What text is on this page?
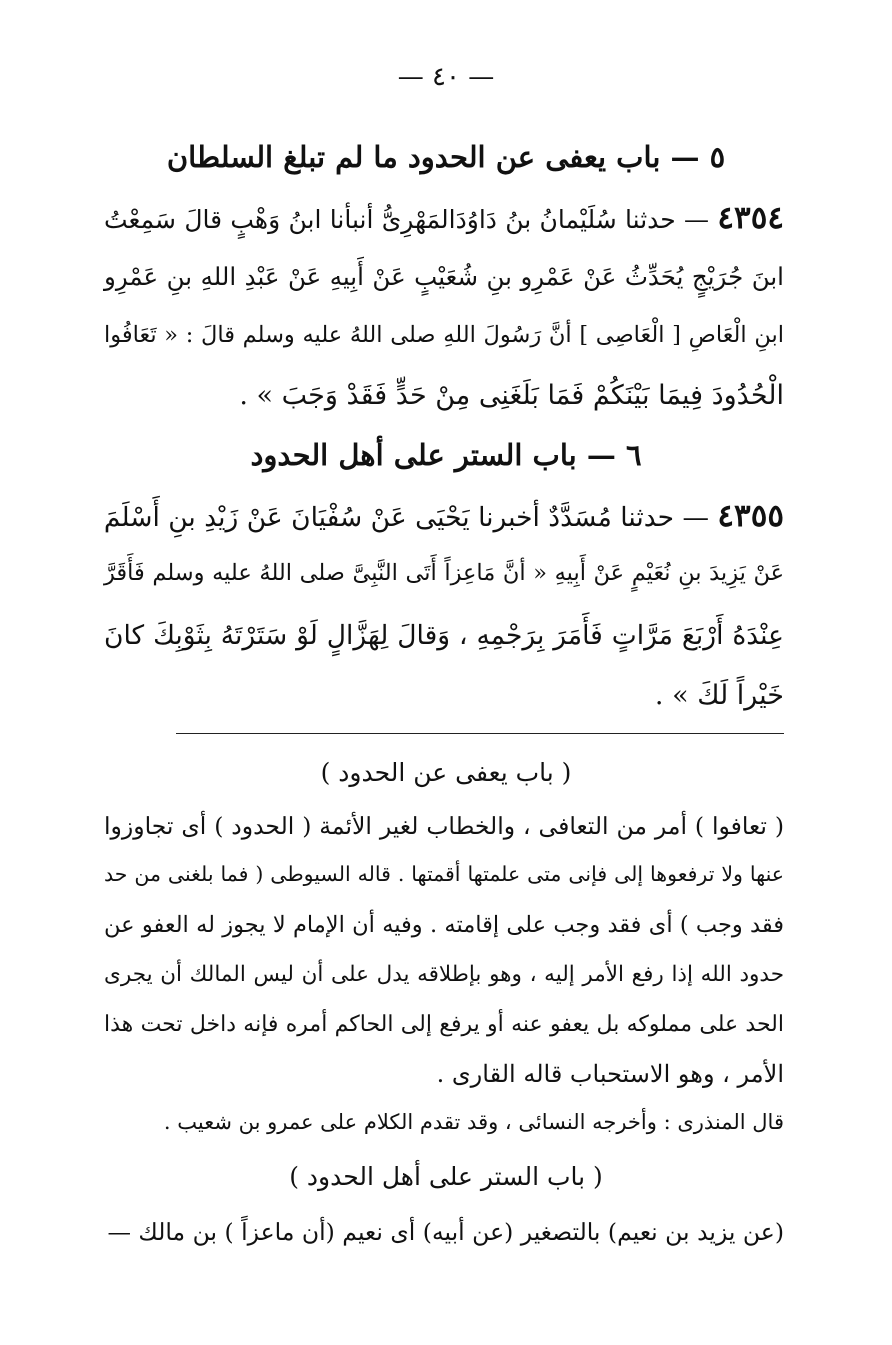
— ٤٠ —
٥ — باب يعفى عن الحدود ما لم تبلغ السلطان
٤٣٥٤ — حدثنا سُلَيْمانُ بنُ دَاوُدَالمَهْرِىُّ أنبأنا ابنُ وَهْبٍ قالَ سَمِعْتُ
ابنَ جُرَيْجٍ يُحَدِّثُ عَنْ عَمْرِو بنِ شُعَيْبٍ عَنْ أَبِيهِ عَنْ عَبْدِ اللهِ بنِ عَمْرِو
ابنِ الْعَاصِ [ الْعَاصِى ] أنَّ رَسُولَ اللهِ صلى اللهُ عليه وسلم قالَ : « تَعَافُوا
الْحُدُودَ فِيمَا بَيْنَكُمْ فَمَا بَلَغَنِى مِنْ حَدٍّ فَقَدْ وَجَبَ » .
٦ — باب الستر على أهل الحدود
٤٣٥٥ — حدثنا مُسَدَّدٌ أخبرنا يَحْيَى عَنْ سُفْيَانَ عَنْ زَيْدِ بنِ أَسْلَمَ
عَنْ يَزِيدَ بنِ نُعَيْمٍ عَنْ أَبِيهِ « أنَّ مَاعِزاً أَتَى النَّبِىَّ صلى اللهُ عليه وسلم فَأَقَرَّ
عِنْدَهُ أَرْبَعَ مَرَّاتٍ فَأَمَرَ بِرَجْمِهِ ، وَقالَ لِهَزَّالٍ لَوْ سَتَرْتَهُ بِثَوْبِكَ كانَ
خَيْراً لَكَ » .
( باب يعفى عن الحدود )
( تعافوا ) أمر من التعافى ، والخطاب لغير الأئمة ( الحدود ) أى تجاوزوا
عنها ولا ترفعوها إلى فإنى متى علمتها أقمتها . قاله السيوطى ( فما بلغنى من حد
فقد وجب ) أى فقد وجب على إقامته . وفيه أن الإمام لا يجوز له العفو عن
حدود الله إذا رفع الأمر إليه ، وهو بإطلاقه يدل على أن ليس المالك أن يجرى
الحد على مملوكه بل يعفو عنه أو يرفع إلى الحاكم أمره فإنه داخل تحت هذا
الأمر ، وهو الاستحباب قاله القارى .
قال المنذرى : وأخرجه النسائى ، وقد تقدم الكلام على عمرو بن شعيب .
( باب الستر على أهل الحدود )
(عن يزيد بن نعيم) بالتصغير (عن أبيه) أى نعيم (أن ماعزاً ) بن مالك —
